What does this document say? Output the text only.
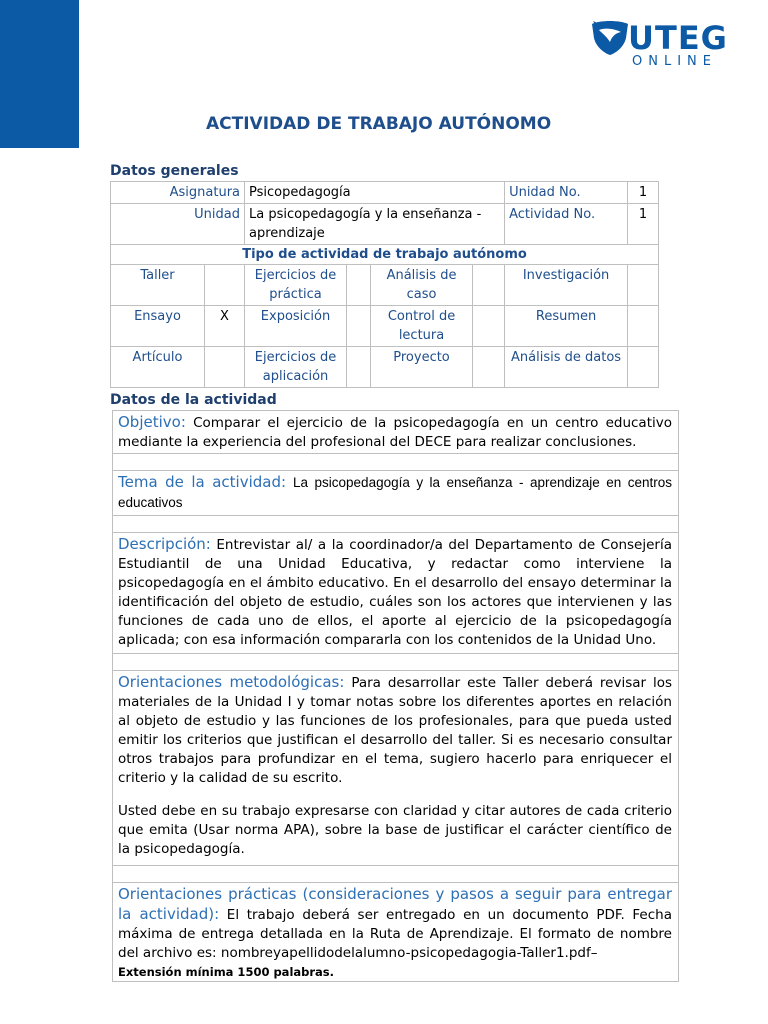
UTEG
ONLINE
ACTIVIDAD DE TRABAJO AUTÓNOMO
Datos generales
Asignatura		Psicopedagogía				Unidad No.	1
Unidad		La psicopedagogía y la enseñanza - aprendizaje				Actividad No.	1
Tipo de actividad de trabajo autónomo							
Taller		Ejercicios de práctica		Análisis de caso		Investigación	
Ensayo	X	Exposición		Control de lectura		Resumen	
Artículo		Ejercicios de aplicación		Proyecto		Análisis de datos	
Datos de la actividad
Objetivo: Comparar el ejercicio de la psicopedagogía en un centro educativo mediante la experiencia del profesional del DECE para realizar conclusiones.
Tema de la actividad: La psicopedagogía y la enseñanza - aprendizaje en centros educativos
Descripción: Entrevistar al/ a la coordinador/a del Departamento de Consejería Estudiantil de una Unidad Educativa, y redactar como interviene la psicopedagogía en el ámbito educativo. En el desarrollo del ensayo determinar la identificación del objeto de estudio, cuáles son los actores que intervienen y las funciones de cada uno de ellos, el aporte al ejercicio de la psicopedagogía aplicada; con esa información compararla con los contenidos de la Unidad Uno.
Orientaciones metodológicas: Para desarrollar este Taller deberá revisar los materiales de la Unidad I y tomar notas sobre los diferentes aportes en relación al objeto de estudio y las funciones de los profesionales, para que pueda usted emitir los criterios que justifican el desarrollo del taller. Si es necesario consultar otros trabajos para profundizar en el tema, sugiero hacerlo para enriquecer el criterio y la calidad de su escrito.
Usted debe en su trabajo expresarse con claridad y citar autores de cada criterio que emita (Usar norma APA), sobre la base de justificar el carácter científico de la psicopedagogía.
Orientaciones prácticas (consideraciones y pasos a seguir para entregar la actividad): El trabajo deberá ser entregado en un documento PDF. Fecha máxima de entrega detallada en la Ruta de Aprendizaje. El formato de nombre del archivo es: nombreyapellidodelalumno-psicopedagogia-Taller1.pdf–
Extensión mínima 1500 palabras.
